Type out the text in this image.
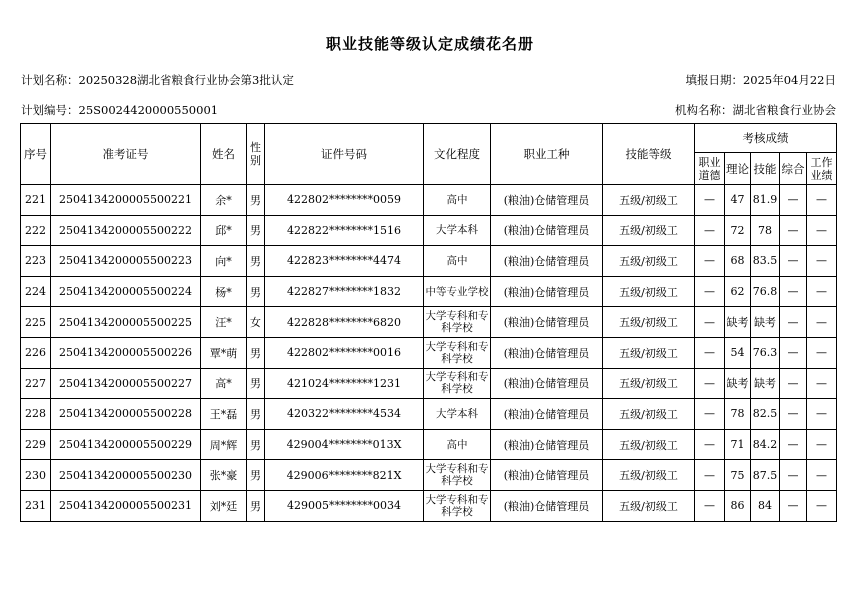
职业技能等级认定成绩花名册
计划名称：20250328湖北省粮食行业协会第3批认定	填报日期：2025年04月22日
计划编号：25S0024420000550001	机构名称：湖北省粮食行业协会
序号	准考证号	姓名	性别	证件号码	文化程度	职业工种	技能等级	考核成绩				
								职业道德	理论	技能	综合	工作业绩
221	2504134200005500221	余*	男	422802********0059	高中	(粮油)仓储管理员	五级/初级工	—	47	81.9	—	—
222	2504134200005500222	邱*	男	422822********1516	大学本科	(粮油)仓储管理员	五级/初级工	—	72	78	—	—
223	2504134200005500223	向*	男	422823********4474	高中	(粮油)仓储管理员	五级/初级工	—	68	83.5	—	—
224	2504134200005500224	杨*	男	422827********1832	中等专业学校	(粮油)仓储管理员	五级/初级工	—	62	76.8	—	—
225	2504134200005500225	汪*	女	422828********6820	大学专科和专科学校	(粮油)仓储管理员	五级/初级工	—	缺考	缺考	—	—
226	2504134200005500226	覃*萌	男	422802********0016	大学专科和专科学校	(粮油)仓储管理员	五级/初级工	—	54	76.3	—	—
227	2504134200005500227	高*	男	421024********1231	大学专科和专科学校	(粮油)仓储管理员	五级/初级工	—	缺考	缺考	—	—
228	2504134200005500228	王*磊	男	420322********4534	大学本科	(粮油)仓储管理员	五级/初级工	—	78	82.5	—	—
229	2504134200005500229	周*辉	男	429004********013X	高中	(粮油)仓储管理员	五级/初级工	—	71	84.2	—	—
230	2504134200005500230	张*豪	男	429006********821X	大学专科和专科学校	(粮油)仓储管理员	五级/初级工	—	75	87.5	—	—
231	2504134200005500231	刘*廷	男	429005********0034	大学专科和专科学校	(粮油)仓储管理员	五级/初级工	—	86	84	—	—
